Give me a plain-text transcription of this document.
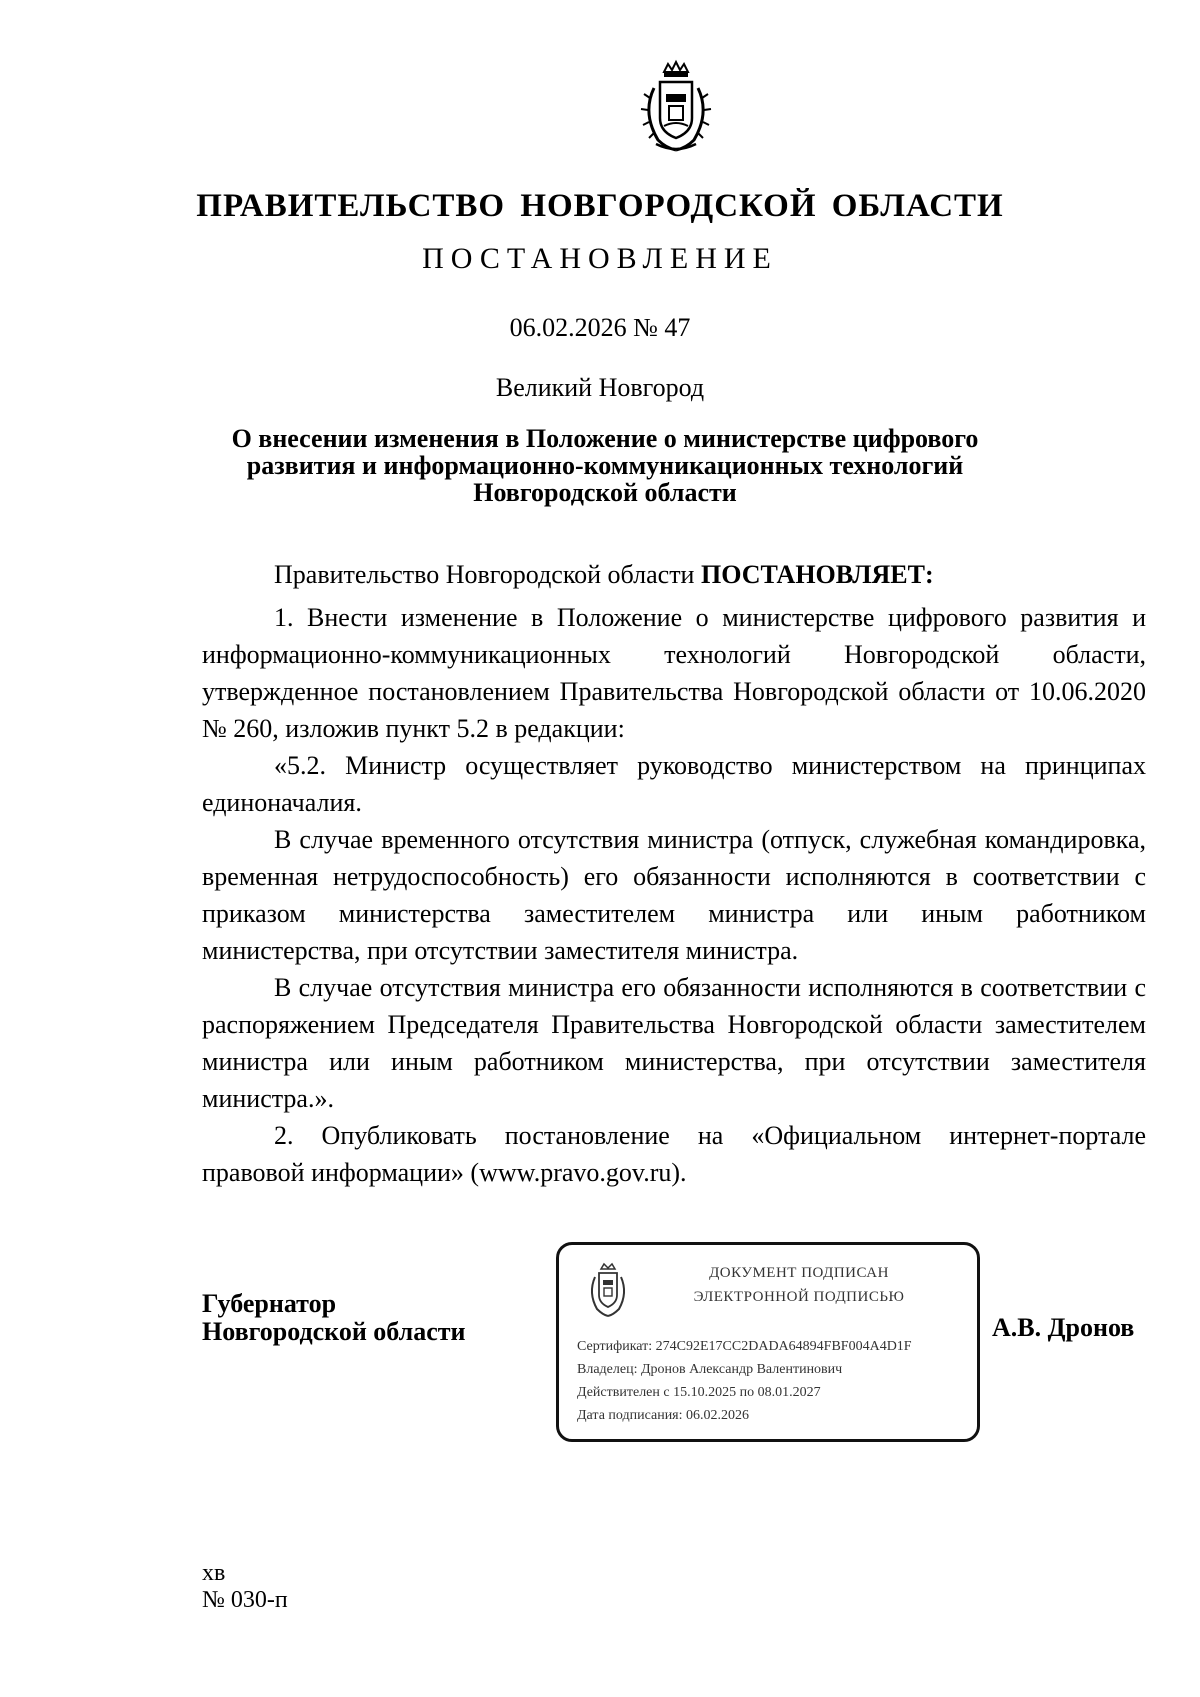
ПРАВИТЕЛЬСТВО НОВГОРОДСКОЙ ОБЛАСТИ
ПОСТАНОВЛЕНИЕ
06.02.2026 № 47
Великий Новгород
О внесении изменения в Положение о министерстве цифрового
развития и информационно-коммуникационных технологий
Новгородской области

Правительство Новгородской области ПОСТАНОВЛЯЕТ:

1. Внести изменение в Положение о министерстве цифрового развития и информационно-коммуникационных технологий Новгородской области, утвержденное постановлением Правительства Новгородской области от 10.06.2020 № 260, изложив пункт 5.2 в редакции:

«5.2. Министр осуществляет руководство министерством на принципах единоначалия.

В случае временного отсутствия министра (отпуск, служебная командировка, временная нетрудоспособность) его обязанности исполняются в соответствии с приказом министерства заместителем министра или иным работником министерства, при отсутствии заместителя министра.

В случае отсутствия министра его обязанности исполняются в соответствии с распоряжением Председателя Правительства Новгородской области заместителем министра или иным работником министерства, при отсутствии заместителя министра.».

2. Опубликовать постановление на «Официальном интернет-портале правовой информации» (www.pravo.gov.ru).

Губернатор
Новгородской области
ДОКУМЕНТ ПОДПИСАН
ЭЛЕКТРОННОЙ ПОДПИСЬЮ
Сертификат: 274C92E17CC2DADA64894FBF004A4D1F
Владелец: Дронов Александр Валентинович
Действителен с 15.10.2025 по 08.01.2027
Дата подписания: 06.02.2026
А.В. Дронов
хв
№ 030-п
